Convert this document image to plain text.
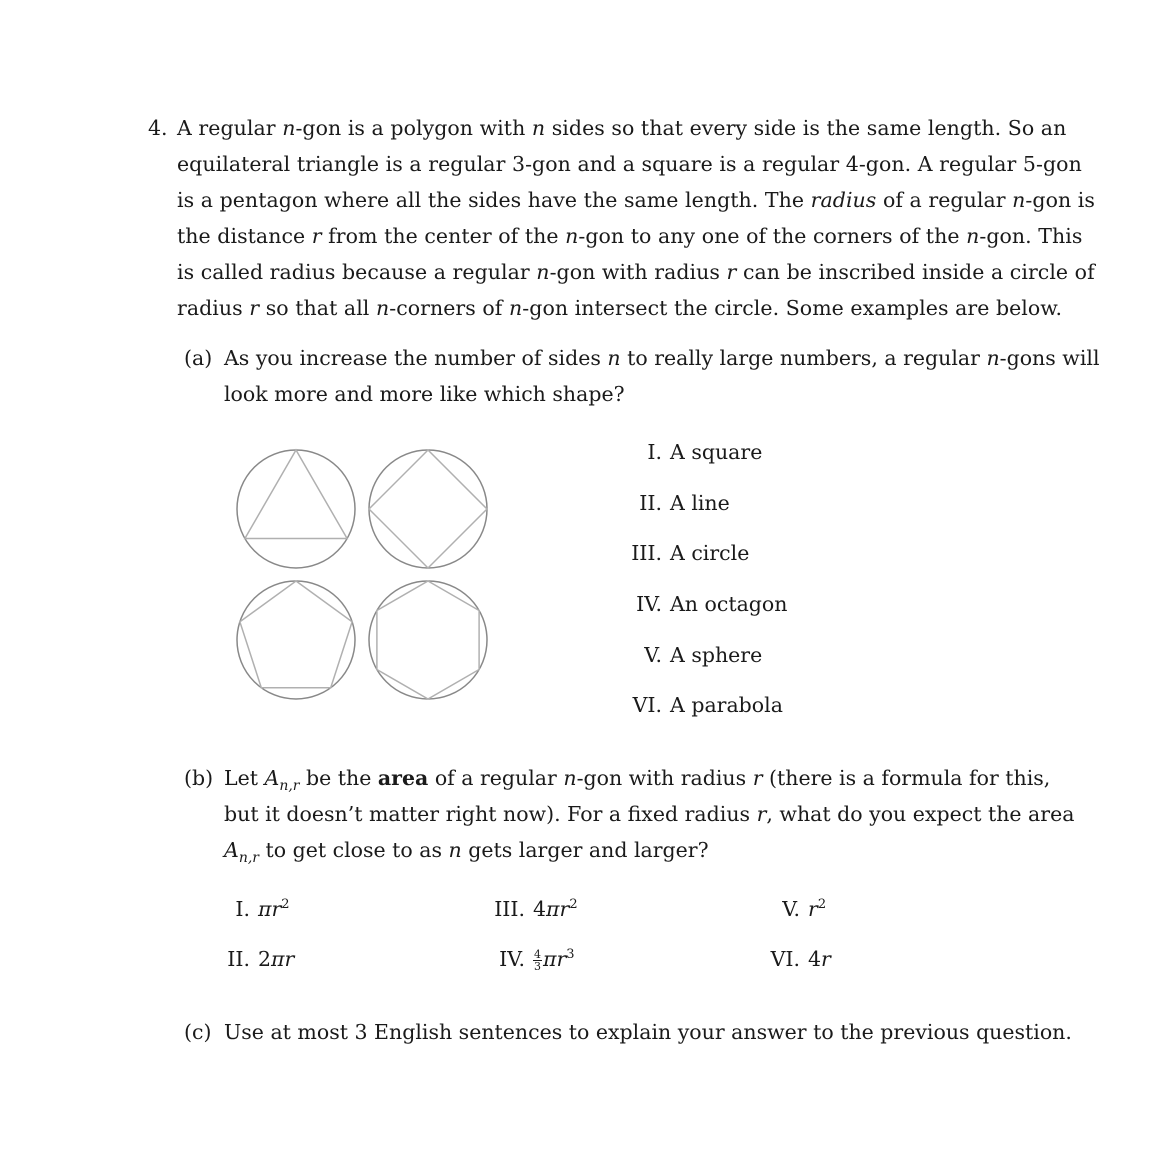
4. A regular n-gon is a polygon with n sides so that every side is the same length. So an
equilateral triangle is a regular 3-gon and a square is a regular 4-gon. A regular 5-gon
is a pentagon where all the sides have the same length. The radius of a regular n-gon is
the distance r from the center of the n-gon to any one of the corners of the n-gon. This
is called radius because a regular n-gon with radius r can be inscribed inside a circle of
radius r so that all n-corners of n-gon intersect the circle. Some examples are below.
(a) As you increase the number of sides n to really large numbers, a regular n-gons will
look more and more like which shape?
I. A square
II. A line
III. A circle
IV. An octagon
V. A sphere
VI. A parabola
(b) Let $A_{n,r}$ be the area of a regular n-gon with radius r (there is a formula for this,
but it doesn’t matter right now). For a fixed radius r, what do you expect the area
$A_{n,r}$ to get close to as n gets larger and larger?
I. $\pi r^2$
II. 2πr
III. $4\pi r^2$
IV. $\frac{4}{3} \pi r^3$
V. $r^2$
VI. 4r
(c) Use at most 3 English sentences to explain your answer to the previous question.
